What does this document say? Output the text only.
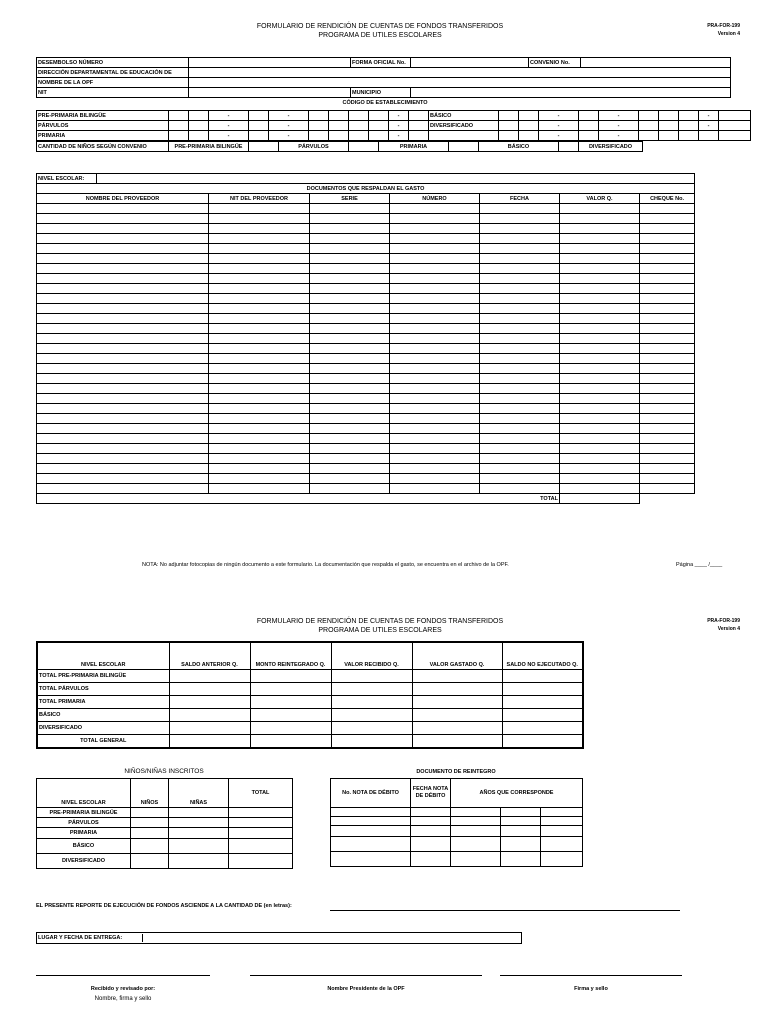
FORMULARIO DE RENDICIÓN DE CUENTAS DE FONDOS TRANSFERIDOS
PROGRAMA DE UTILES ESCOLARES
PRA-FOR-199
Version 4
DESEMBOLSO NÚMERO		FORMA OFICIAL No.		CONVENIO No.	
DIRECCIÓN DEPARTAMENTAL DE EDUCACIÓN DE					
NOMBRE DE LA OPF					
NIT		MUNICIPIO			
CÓDIGO DE ESTABLECIMIENTO
PRE-PRIMARIA BILINGÜE			-		-					-		BÁSICO			-		-				-	
PÁRVULOS			-		-					-		DIVERSIFICADO			-		-				-	
PRIMARIA			-		-					-					-		-					
CANTIDAD DE NIÑOS SEGÚN CONVENIO	PRE-PRIMARIA BILINGÜE		PÁRVULOS		PRIMARIA		BÁSICO		DIVERSIFICADO
NIVEL ESCOLAR:							
DOCUMENTOS QUE RESPALDAN EL GASTO							
NOMBRE DEL PROVEEDOR		NIT DEL PROVEEDOR	SERIE	NÚMERO	FECHA	VALOR Q.	CHEQUE No.

TOTAL							
NOTA: No adjuntar fotocopias de ningún documento a este formulario. La documentación que respalda el gasto, se encuentra en el archivo de la OPF.	Página ____ /____
FORMULARIO DE RENDICIÓN DE CUENTAS DE FONDOS TRANSFERIDOS
PROGRAMA DE UTILES ESCOLARES
PRA-FOR-199
Version 4
NIVEL ESCOLAR	SALDO ANTERIOR Q.	MONTO REINTEGRADO Q.	VALOR RECIBIDO Q.	VALOR GASTADO Q.	SALDO NO EJECUTADO Q.
TOTAL PRE-PRIMARIA BILINGÜE					
TOTAL PÁRVULOS					
TOTAL PRIMARIA					
BÁSICO					
DIVERSIFICADO					
TOTAL GENERAL					
NIÑOS/NIÑAS INSCRITOS
NIVEL ESCOLAR	NIÑOS	NIÑAS	TOTAL
PRE-PRIMARIA BILINGÜE			
PÁRVULOS			
PRIMARIA			
BÁSICO			
DIVERSIFICADO			
DOCUMENTO DE REINTEGRO
No. NOTA DE DÉBITO	FECHA NOTA DE DÉBITO	AÑOS QUE CORRESPONDE		

EL PRESENTE REPORTE DE EJECUCIÓN DE FONDOS ASCIENDE A LA CANTIDAD DE (en letras):
LUGAR Y FECHA DE ENTREGA:
Recibido y revisado por:
Nombre, firma y sello
Nombre Presidente de la OPF	Firma y sello
